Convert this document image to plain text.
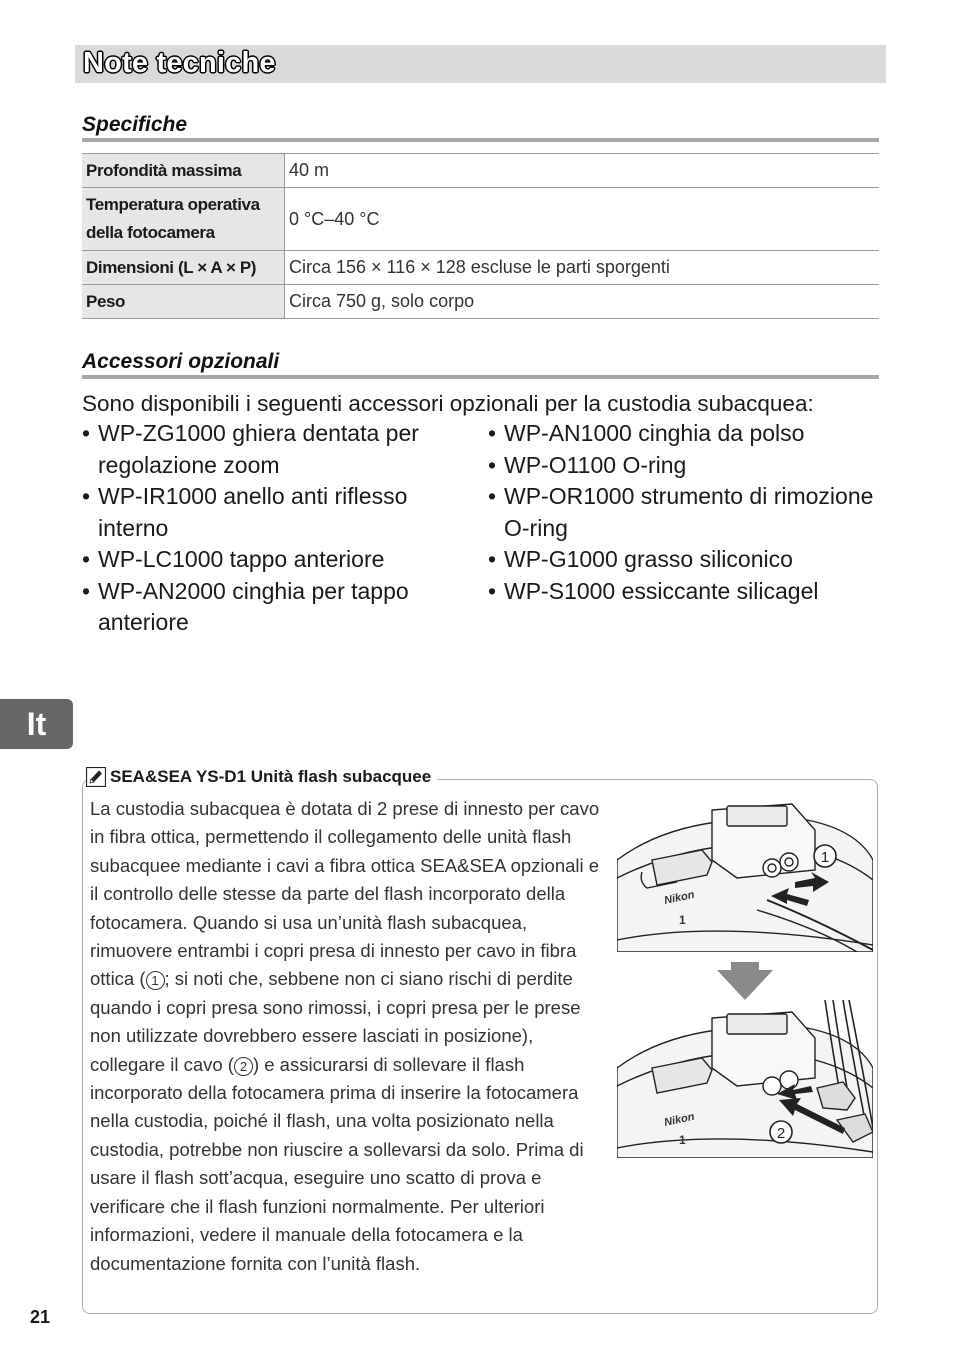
Note tecniche
Specifiche
Profondità massima	40 m
Temperatura operativa della fotocamera	0 °C–40 °C
Dimensioni (L × A × P)	Circa 156 × 116 × 128 escluse le parti sporgenti
Peso	Circa 750 g, solo corpo
Accessori opzionali
Sono disponibili i seguenti accessori opzionali per la custodia subacquea:
• WP-ZG1000 ghiera dentata per regolazione zoom
• WP-IR1000 anello anti riflesso interno
• WP-LC1000 tappo anteriore
• WP-AN2000 cinghia per tappo anteriore
• WP-AN1000 cinghia da polso
• WP-O1100 O-ring
• WP-OR1000 strumento di rimozione O-ring
• WP-G1000 grasso siliconico
• WP-S1000 essiccante silicagel
It
SEA&SEA YS-D1 Unità flash subacquee
La custodia subacquea è dotata di 2 prese di innesto per cavo in fibra ottica, permettendo il collegamento delle unità flash subacquee mediante i cavi a fibra ottica SEA&SEA opzionali e il controllo delle stesse da parte del flash incorporato della fotocamera. Quando si usa un’unità flash subacquea, rimuovere entrambi i copri presa di innesto per cavo in fibra ottica ( 1 ; si noti che, sebbene non ci siano rischi di perdite quando i copri presa sono rimossi, i copri presa per le prese non utilizzate dovrebbero essere lasciati in posizione), collegare il cavo ( 2 ) e assicurarsi di sollevare il flash incorporato della fotocamera prima di inserire la fotocamera nella custodia, poiché il flash, una volta posizionato nella custodia, potrebbe non riuscire a sollevarsi da solo. Prima di usare il flash sott’acqua, eseguire uno scatto di prova e verificare che il flash funzioni normalmente. Per ulteriori informazioni, vedere il manuale della fotocamera e la documentazione fornita con l’unità flash.
Nikon
1
1
Nikon
1	2
21
